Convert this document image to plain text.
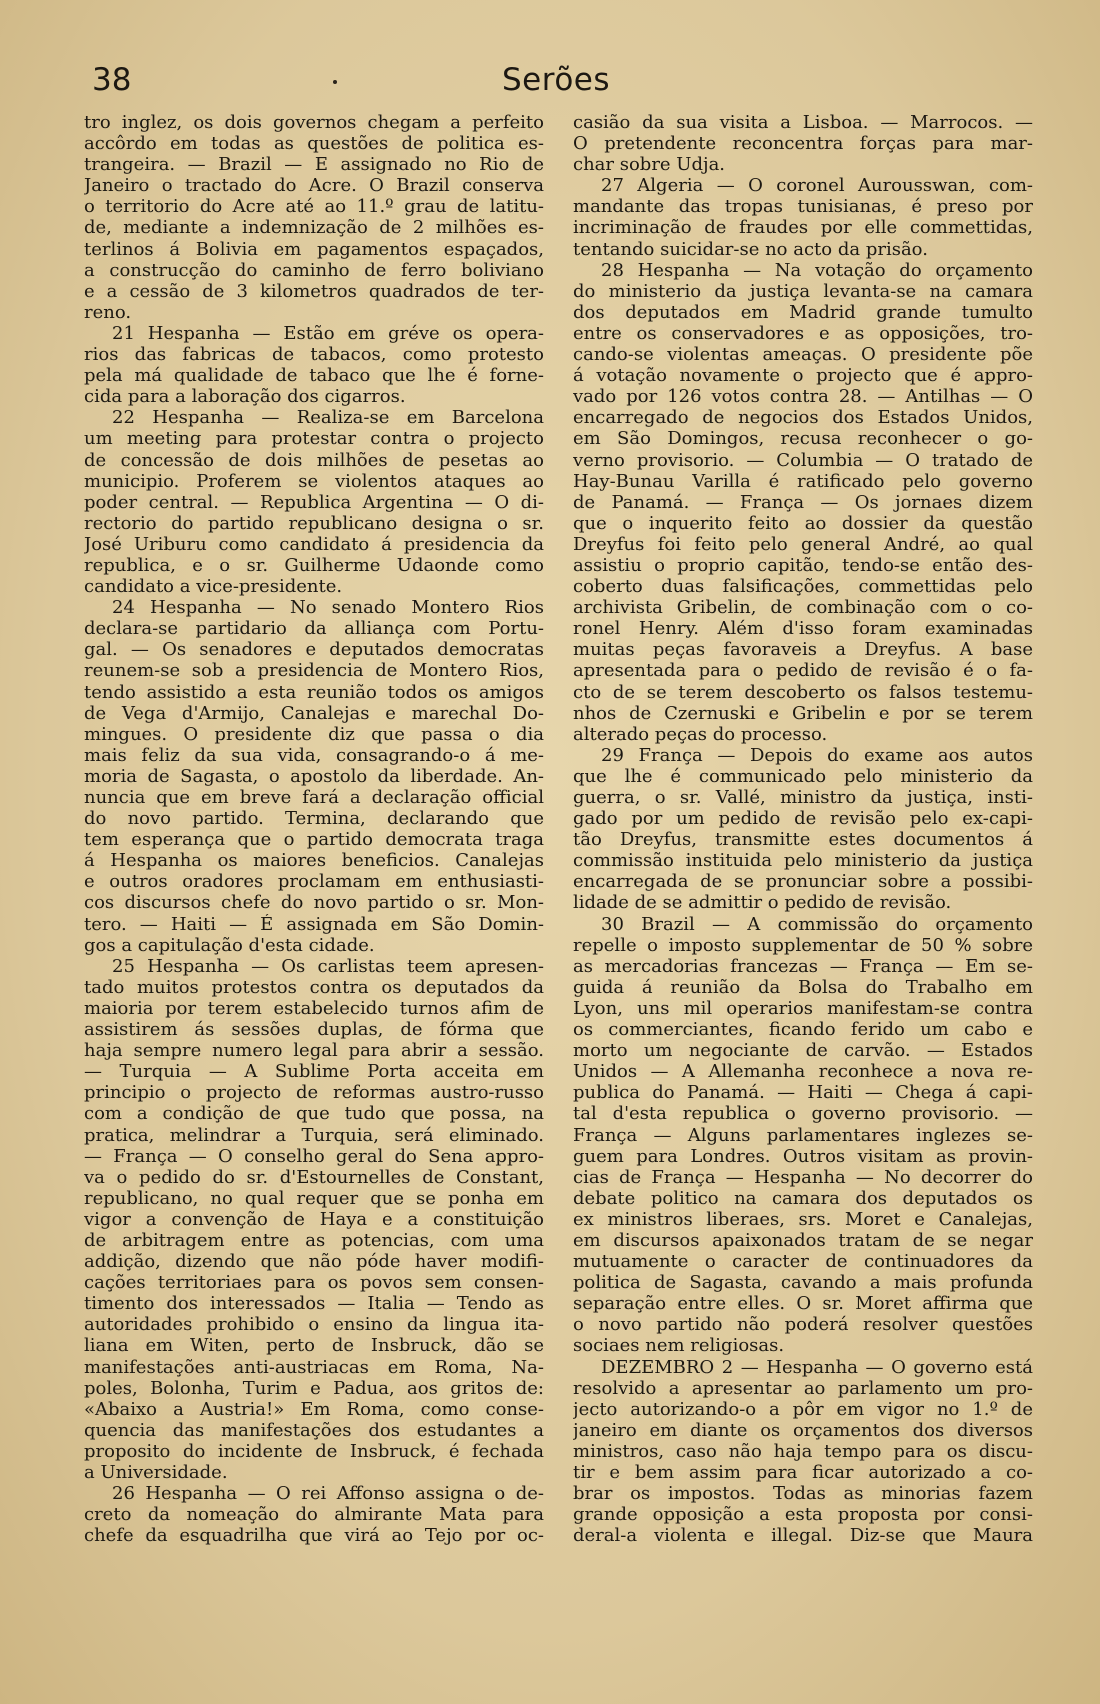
38	Serões
tro inglez, os dois governos chegam a perfeito
accôrdo em todas as questões de politica es-
trangeira. — Brazil — E assignado no Rio de
Janeiro o tractado do Acre. O Brazil conserva
o territorio do Acre até ao 11.º grau de latitu-
de, mediante a indemnização de 2 milhões es-
terlinos á Bolivia em pagamentos espaçados,
a construcção do caminho de ferro boliviano
e a cessão de 3 kilometros quadrados de ter-
reno.
21 Hespanha — Estão em gréve os opera-
rios das fabricas de tabacos, como protesto
pela má qualidade de tabaco que lhe é forne-
cida para a laboração dos cigarros.
22 Hespanha — Realiza-se em Barcelona
um meeting para protestar contra o projecto
de concessão de dois milhões de pesetas ao
municipio. Proferem se violentos ataques ao
poder central. — Republica Argentina — O di-
rectorio do partido republicano designa o sr.
José Uriburu como candidato á presidencia da
republica, e o sr. Guilherme Udaonde como
candidato a vice-presidente.
24 Hespanha — No senado Montero Rios
declara-se partidario da alliança com Portu-
gal. — Os senadores e deputados democratas
reunem-se sob a presidencia de Montero Rios,
tendo assistido a esta reunião todos os amigos
de Vega d'Armijo, Canalejas e marechal Do-
mingues. O presidente diz que passa o dia
mais feliz da sua vida, consagrando-o á me-
moria de Sagasta, o apostolo da liberdade. An-
nuncia que em breve fará a declaração official
do novo partido. Termina, declarando que
tem esperança que o partido democrata traga
á Hespanha os maiores beneficios. Canalejas
e outros oradores proclamam em enthusiasti-
cos discursos chefe do novo partido o sr. Mon-
tero. — Haiti — É assignada em São Domin-
gos a capitulação d'esta cidade.
25 Hespanha — Os carlistas teem apresen-
tado muitos protestos contra os deputados da
maioria por terem estabelecido turnos afim de
assistirem ás sessões duplas, de fórma que
haja sempre numero legal para abrir a sessão.
— Turquia — A Sublime Porta acceita em
principio o projecto de reformas austro-russo
com a condição de que tudo que possa, na
pratica, melindrar a Turquia, será eliminado.
— França — O conselho geral do Sena appro-
va o pedido do sr. d'Estournelles de Constant,
republicano, no qual requer que se ponha em
vigor a convenção de Haya e a constituição
de arbitragem entre as potencias, com uma
addição, dizendo que não póde haver modifi-
cações territoriaes para os povos sem consen-
timento dos interessados — Italia — Tendo as
autoridades prohibido o ensino da lingua ita-
liana em Witen, perto de Insbruck, dão se
manifestações anti-austriacas em Roma, Na-
poles, Bolonha, Turim e Padua, aos gritos de:
«Abaixo a Austria!» Em Roma, como conse-
quencia das manifestações dos estudantes a
proposito do incidente de Insbruck, é fechada
a Universidade.
26 Hespanha — O rei Affonso assigna o de-
creto da nomeação do almirante Mata para
chefe da esquadrilha que virá ao Tejo por oc-
casião da sua visita a Lisboa. — Marrocos. —
O pretendente reconcentra forças para mar-
char sobre Udja.
27 Algeria — O coronel Aurousswan, com-
mandante das tropas tunisianas, é preso por
incriminação de fraudes por elle commettidas,
tentando suicidar-se no acto da prisão.
28 Hespanha — Na votação do orçamento
do ministerio da justiça levanta-se na camara
dos deputados em Madrid grande tumulto
entre os conservadores e as opposições, tro-
cando-se violentas ameaças. O presidente põe
á votação novamente o projecto que é appro-
vado por 126 votos contra 28. — Antilhas — O
encarregado de negocios dos Estados Unidos,
em São Domingos, recusa reconhecer o go-
verno provisorio. — Columbia — O tratado de
Hay-Bunau Varilla é ratificado pelo governo
de Panamá. — França — Os jornaes dizem
que o inquerito feito ao dossier da questão
Dreyfus foi feito pelo general André, ao qual
assistiu o proprio capitão, tendo-se então des-
coberto duas falsificações, commettidas pelo
archivista Gribelin, de combinação com o co-
ronel Henry. Além d'isso foram examinadas
muitas peças favoraveis a Dreyfus. A base
apresentada para o pedido de revisão é o fa-
cto de se terem descoberto os falsos testemu-
nhos de Czernuski e Gribelin e por se terem
alterado peças do processo.
29 França — Depois do exame aos autos
que lhe é communicado pelo ministerio da
guerra, o sr. Vallé, ministro da justiça, insti-
gado por um pedido de revisão pelo ex-capi-
tão Dreyfus, transmitte estes documentos á
commissão instituida pelo ministerio da justiça
encarregada de se pronunciar sobre a possibi-
lidade de se admittir o pedido de revisão.
30 Brazil — A commissão do orçamento
repelle o imposto supplementar de 50 % sobre
as mercadorias francezas — França — Em se-
guida á reunião da Bolsa do Trabalho em
Lyon, uns mil operarios manifestam-se contra
os commerciantes, ficando ferido um cabo e
morto um negociante de carvão. — Estados
Unidos — A Allemanha reconhece a nova re-
publica do Panamá. — Haiti — Chega á capi-
tal d'esta republica o governo provisorio. —
França — Alguns parlamentares inglezes se-
guem para Londres. Outros visitam as provin-
cias de França — Hespanha — No decorrer do
debate politico na camara dos deputados os
ex ministros liberaes, srs. Moret e Canalejas,
em discursos apaixonados tratam de se negar
mutuamente o caracter de continuadores da
politica de Sagasta, cavando a mais profunda
separação entre elles. O sr. Moret affirma que
o novo partido não poderá resolver questões
sociaes nem religiosas.
DEZEMBRO 2 — Hespanha — O governo está
resolvido a apresentar ao parlamento um pro-
jecto autorizando-o a pôr em vigor no 1.º de
janeiro em diante os orçamentos dos diversos
ministros, caso não haja tempo para os discu-
tir e bem assim para ficar autorizado a co-
brar os impostos. Todas as minorias fazem
grande opposição a esta proposta por consi-
deral-a violenta e illegal. Diz-se que Maura
